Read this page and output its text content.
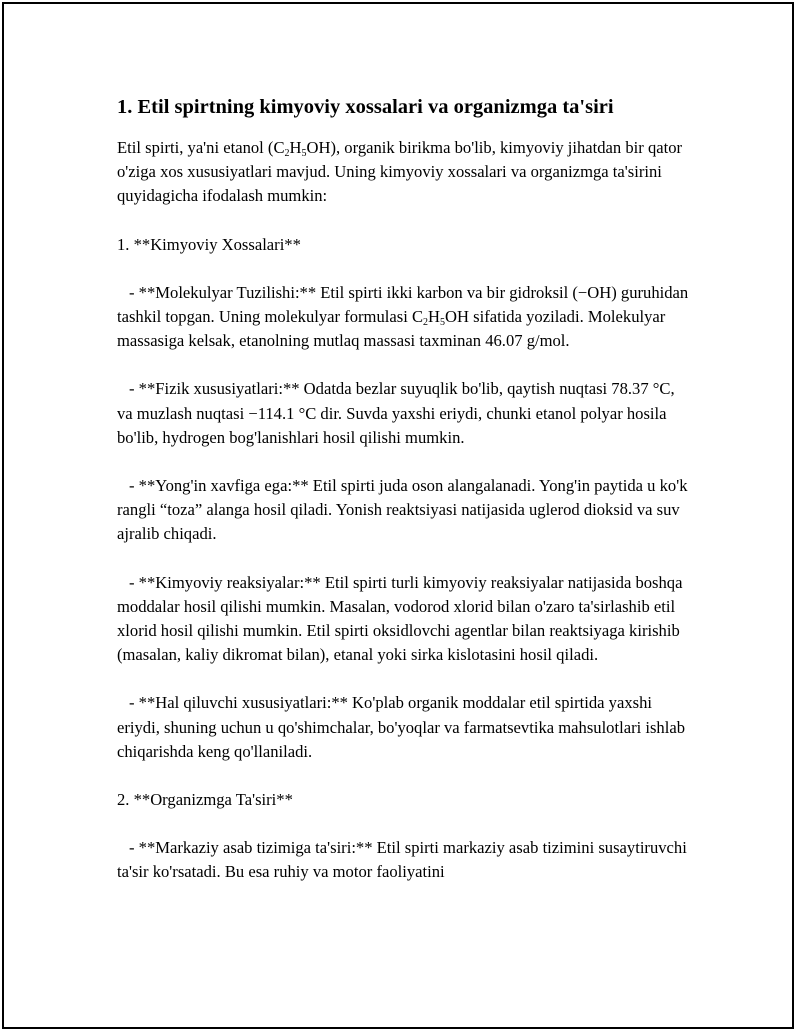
1. Etil spirtning kimyoviy xossalari va organizmga ta'siri

Etil spirti, ya'ni etanol $(C_2H_5OH)$, organik birikma bo'lib, kimyoviy jihatdan bir qator o'ziga xos xususiyatlari mavjud. Uning kimyoviy xossalari va organizmga ta'sirini quyidagicha ifodalash mumkin:

1. **Kimyoviy Xossalari**

- **Molekulyar Tuzilishi:** Etil spirti ikki karbon va bir gidroksil (−OH) guruhidan tashkil topgan. Uning molekulyar formulasi $C_2H_5OH$ sifatida yoziladi. Molekulyar massasiga kelsak, etanolning mutlaq massasi taxminan 46.07 g/mol.

- **Fizik xususiyatlari:** Odatda bezlar suyuqlik bo'lib, qaytish nuqtasi 78.37 °C, va muzlash nuqtasi −114.1 °C dir. Suvda yaxshi eriydi, chunki etanol polyar hosila bo'lib, hydrogen bog'lanishlari hosil qilishi mumkin.

- **Yong'in xavfiga ega:** Etil spirti juda oson alangalanadi. Yong'in paytida u ko'k rangli “toza” alanga hosil qiladi. Yonish reaktsiyasi natijasida uglerod dioksid va suv ajralib chiqadi.

- **Kimyoviy reaksiyalar:** Etil spirti turli kimyoviy reaksiyalar natijasida boshqa moddalar hosil qilishi mumkin. Masalan, vodorod xlorid bilan o'zaro ta'sirlashib etil xlorid hosil qilishi mumkin. Etil spirti oksidlovchi agentlar bilan reaktsiyaga kirishib (masalan, kaliy dikromat bilan), etanal yoki sirka kislotasini hosil qiladi.

- **Hal qiluvchi xususiyatlari:** Ko'plab organik moddalar etil spirtida yaxshi eriydi, shuning uchun u qo'shimchalar, bo'yoqlar va farmatsevtika mahsulotlari ishlab chiqarishda keng qo'llaniladi.

2. **Organizmga Ta'siri**

- **Markaziy asab tizimiga ta'siri:** Etil spirti markaziy asab tizimini susaytiruvchi ta'sir ko'rsatadi. Bu esa ruhiy va motor faoliyatini
